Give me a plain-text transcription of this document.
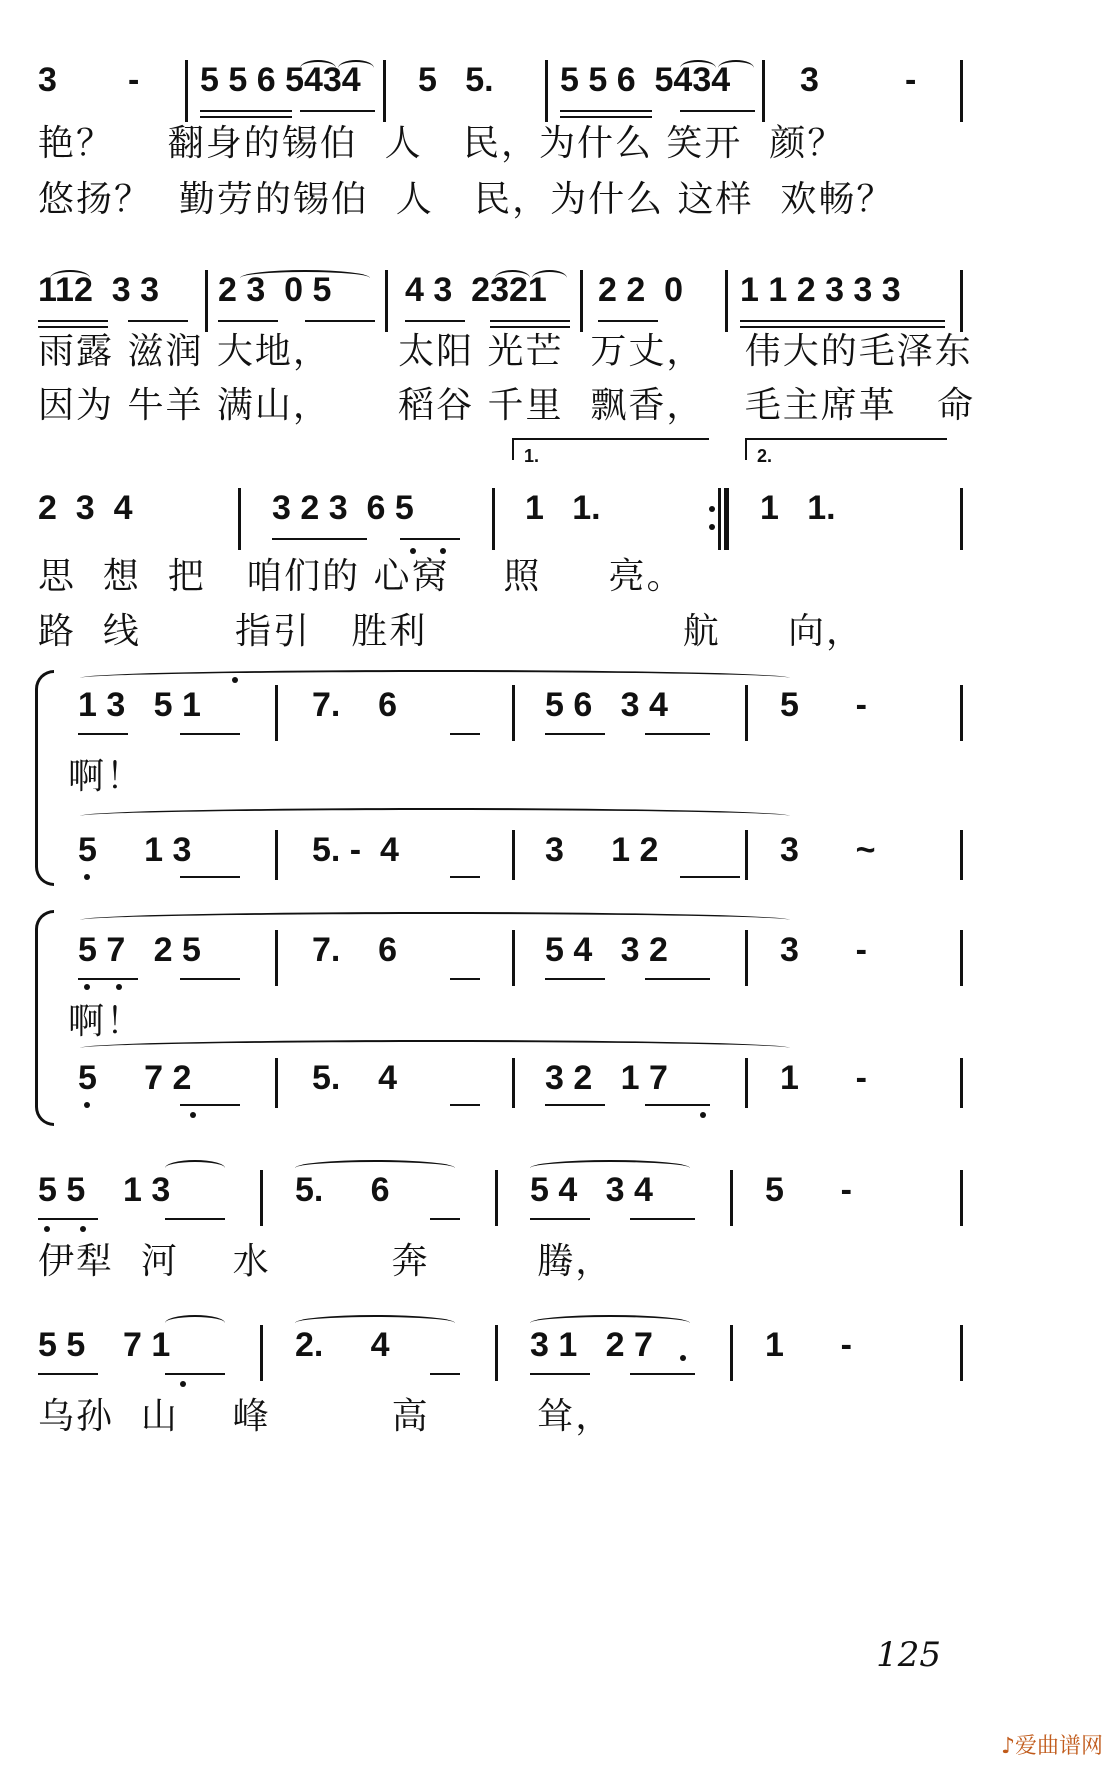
3 - 5 5 6 5434 5   5. 5 5 6  5434 3	-
艳？    翻身的锡伯  人   民，为什么 笑开  颜？
悠扬？  勤劳的锡伯  人   民，为什么 这样  欢畅？
112  3 3 2 3  0 5 4 3  2321 2 2  0 1 1 2 3 3 3
雨露 滋润 大地，     太阳 光芒  万丈，   伟大的毛泽东
因为 牛羊 满山，     稻谷 千里  飘香，   毛主席革   命
1.	2.
2  3  4	3 2 3  6 5	1   1.	1   1.
思  想  把   咱们的 心窝    照     亮。
路  线       指引   胜利                   航     向，
1 3   5 1	7.    6	5 6   3 4	5      -
啊！
5     1 3	5. -  4	3     1 2	3      ~
5 7   2 5	7.    6	5 4   3 2	3      -
啊！
5     7 2	5.    4	3 2   1 7	1      -
5 5    1 3	5.     6	5 4   3 4	5      -
伊犁  河    水         奔        腾，
5 5    7 1	2.     4	3 1   2 7	1      -
乌孙  山    峰         高        耸，
125
♪爱曲谱网
